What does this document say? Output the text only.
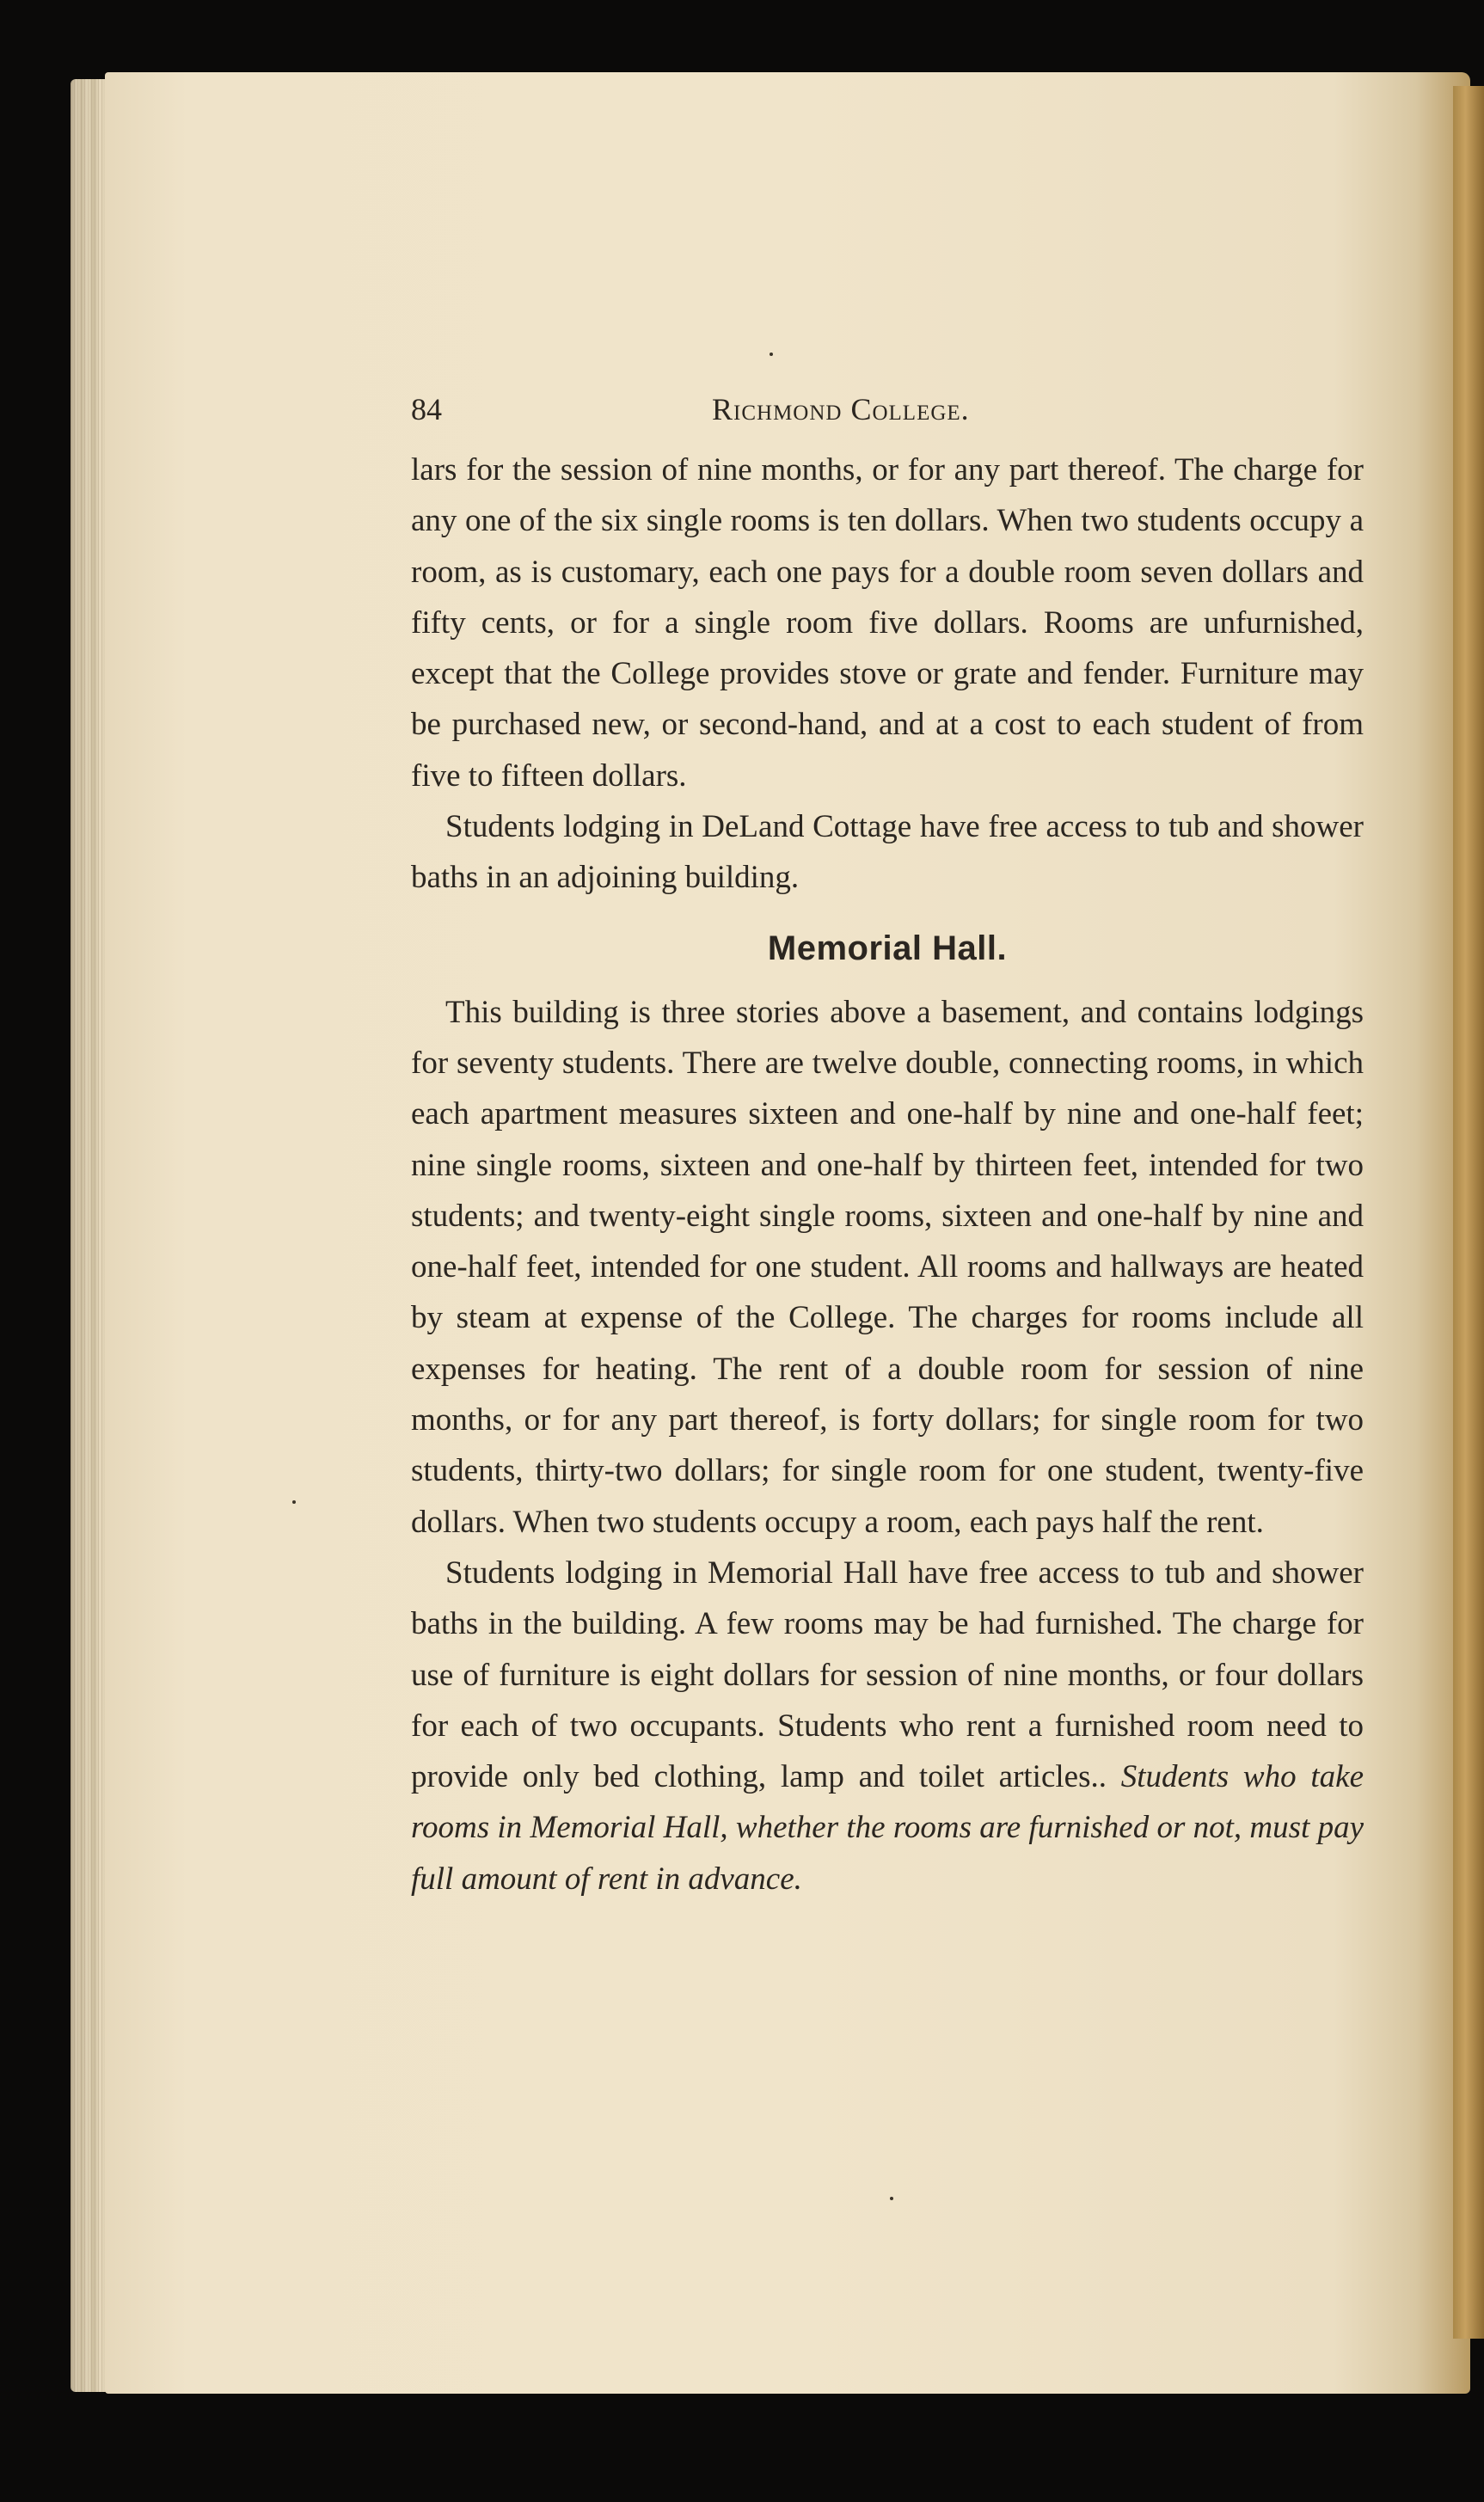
84	Richmond College.

lars for the session of nine months, or for any part thereof. The charge for any one of the six single rooms is ten dollars. When two students occupy a room, as is customary, each one pays for a double room seven dollars and fifty cents, or for a single room five dollars. Rooms are unfurnished, except that the College provides stove or grate and fender. Furniture may be purchased new, or second-hand, and at a cost to each student of from five to fifteen dollars.

Students lodging in DeLand Cottage have free access to tub and shower baths in an adjoining building.

Memorial Hall.

This building is three stories above a basement, and contains lodgings for seventy students. There are twelve double, connecting rooms, in which each apartment measures sixteen and one-half by nine and one-half feet; nine single rooms, sixteen and one-half by thirteen feet, intended for two students; and twenty-eight single rooms, sixteen and one-half by nine and one-half feet, intended for one student. All rooms and hallways are heated by steam at expense of the College. The charges for rooms include all expenses for heating. The rent of a double room for session of nine months, or for any part thereof, is forty dollars; for single room for two students, thirty-two dollars; for single room for one student, twenty-five dollars. When two students occupy a room, each pays half the rent.

Students lodging in Memorial Hall have free access to tub and shower baths in the building. A few rooms may be had furnished. The charge for use of furniture is eight dollars for session of nine months, or four dollars for each of two occupants. Students who rent a furnished room need to provide only bed clothing, lamp and toilet articles.. Students who take rooms in Memorial Hall, whether the rooms are furnished or not, must pay full amount of rent in advance.
